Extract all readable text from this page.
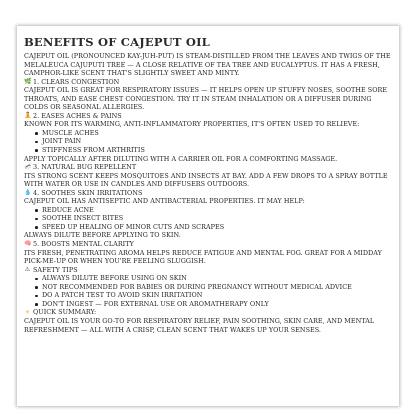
BENEFITS OF CAJEPUT OIL

CAJEPUT OIL (PRONOUNCED KAY-JUH-PUT) IS STEAM-DISTILLED FROM THE LEAVES AND TWIGS OF THE MELALEUCA CAJUPUTI TREE — A CLOSE RELATIVE OF TEA TREE AND EUCALYPTUS. IT HAS A FRESH, CAMPHOR-LIKE SCENT THAT'S SLIGHTLY SWEET AND MINTY.

🌿 1. CLEARS CONGESTION

CAJEPUT OIL IS GREAT FOR RESPIRATORY ISSUES — IT HELPS OPEN UP STUFFY NOSES, SOOTHE SORE THROATS, AND EASE CHEST CONGESTION. TRY IT IN STEAM INHALATION OR A DIFFUSER DURING COLDS OR SEASONAL ALLERGIES.

🧘 2. EASES ACHES & PAINS

KNOWN FOR ITS WARMING, ANTI-INFLAMMATORY PROPERTIES, IT'S OFTEN USED TO RELIEVE:

MUSCLE ACHES
JOINT PAIN
STIFFNESS FROM ARTHRITIS

APPLY TOPICALLY AFTER DILUTING WITH A CARRIER OIL FOR A COMFORTING MASSAGE.

🦟 3. NATURAL BUG REPELLENT

ITS STRONG SCENT KEEPS MOSQUITOES AND INSECTS AT BAY. ADD A FEW DROPS TO A SPRAY BOTTLE WITH WATER OR USE IN CANDLES AND DIFFUSERS OUTDOORS.

💧 4. SOOTHES SKIN IRRITATIONS

CAJEPUT OIL HAS ANTISEPTIC AND ANTIBACTERIAL PROPERTIES. IT MAY HELP:

REDUCE ACNE
SOOTHE INSECT BITES
SPEED UP HEALING OF MINOR CUTS AND SCRAPES

ALWAYS DILUTE BEFORE APPLYING TO SKIN.

🧠 5. BOOSTS MENTAL CLARITY

ITS FRESH, PENETRATING AROMA HELPS REDUCE FATIGUE AND MENTAL FOG. GREAT FOR A MIDDAY PICK-ME-UP OR WHEN YOU'RE FEELING SLUGGISH.

⚠ SAFETY TIPS
ALWAYS DILUTE BEFORE USING ON SKIN
NOT RECOMMENDED FOR BABIES OR DURING PREGNANCY WITHOUT MEDICAL ADVICE
DO A PATCH TEST TO AVOID SKIN IRRITATION
DON'T INGEST — FOR EXTERNAL USE OR AROMATHERAPY ONLY
☀ QUICK SUMMARY:

CAJEPUT OIL IS YOUR GO-TO FOR RESPIRATORY RELIEF, PAIN SOOTHING, SKIN CARE, AND MENTAL REFRESHMENT — ALL WITH A CRISP, CLEAN SCENT THAT WAKES UP YOUR SENSES.
